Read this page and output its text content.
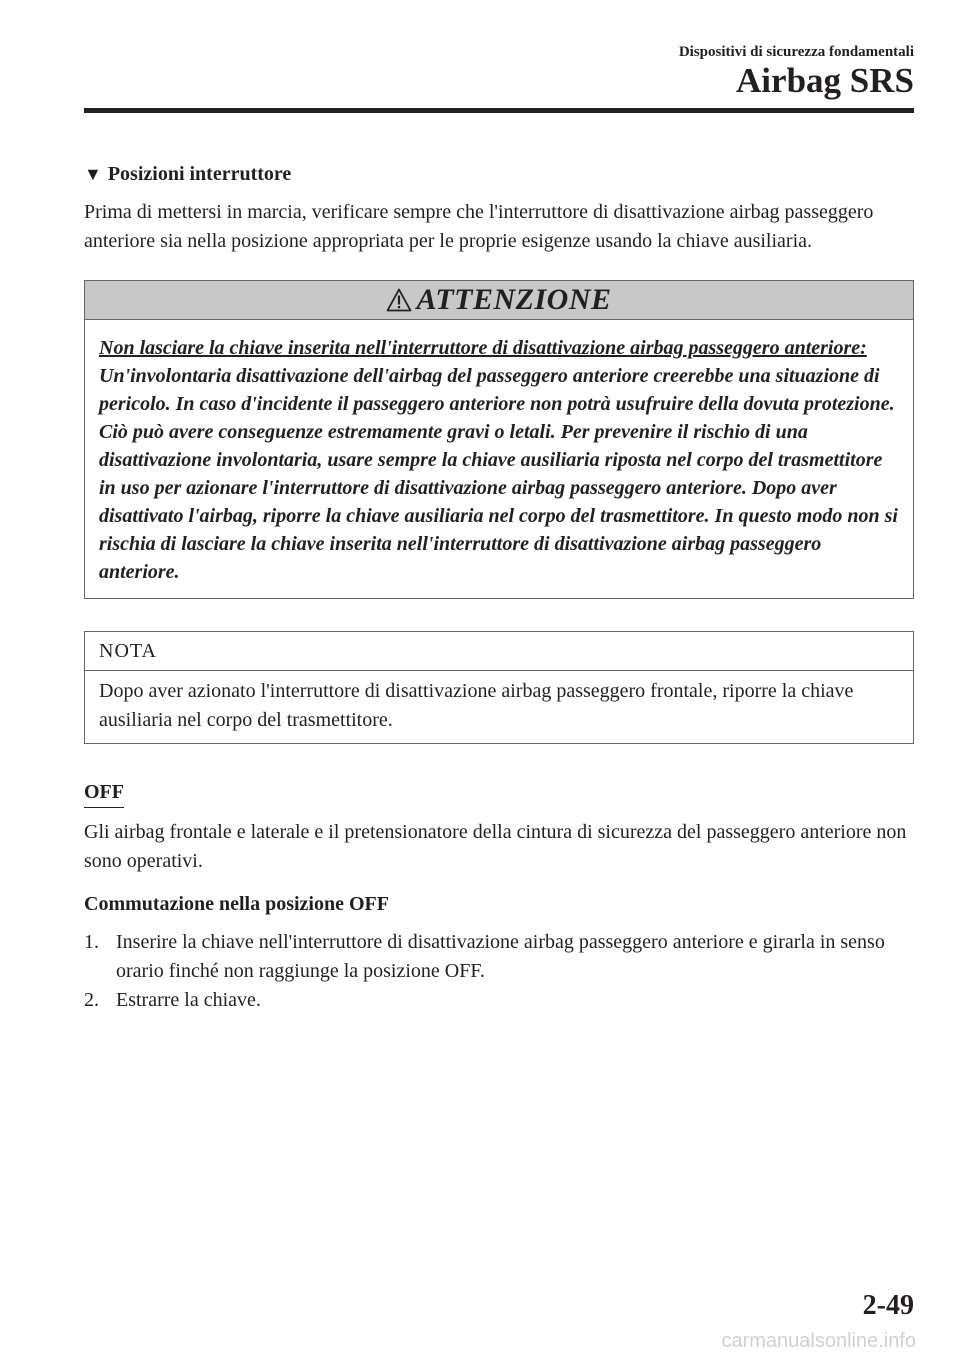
Dispositivi di sicurezza fondamentali
Airbag SRS
▼ Posizioni interruttore

Prima di mettersi in marcia, verificare sempre che l'interruttore di disattivazione airbag passeggero anteriore sia nella posizione appropriata per le proprie esigenze usando la chiave ausiliaria.

ATTENZIONE
Non lasciare la chiave inserita nell'interruttore di disattivazione airbag passeggero anteriore:
Un'involontaria disattivazione dell'airbag del passeggero anteriore creerebbe una situazione di pericolo. In caso d'incidente il passeggero anteriore non potrà usufruire della dovuta protezione. Ciò può avere conseguenze estremamente gravi o letali. Per prevenire il rischio di una disattivazione involontaria, usare sempre la chiave ausiliaria riposta nel corpo del trasmettitore in uso per azionare l'interruttore di disattivazione airbag passeggero anteriore. Dopo aver disattivato l'airbag, riporre la chiave ausiliaria nel corpo del trasmettitore. In questo modo non si rischia di lasciare la chiave inserita nell'interruttore di disattivazione airbag passeggero anteriore.
NOTA
Dopo aver azionato l'interruttore di disattivazione airbag passeggero frontale, riporre la chiave ausiliaria nel corpo del trasmettitore.
OFF

Gli airbag frontale e laterale e il pretensionatore della cintura di sicurezza del passeggero anteriore non sono operativi.

Commutazione nella posizione OFF

1. Inserire la chiave nell'interruttore di disattivazione airbag passeggero anteriore e girarla in senso orario finché non raggiunge la posizione OFF.
2. Estrarre la chiave.
2-49
carmanualsonline.info
